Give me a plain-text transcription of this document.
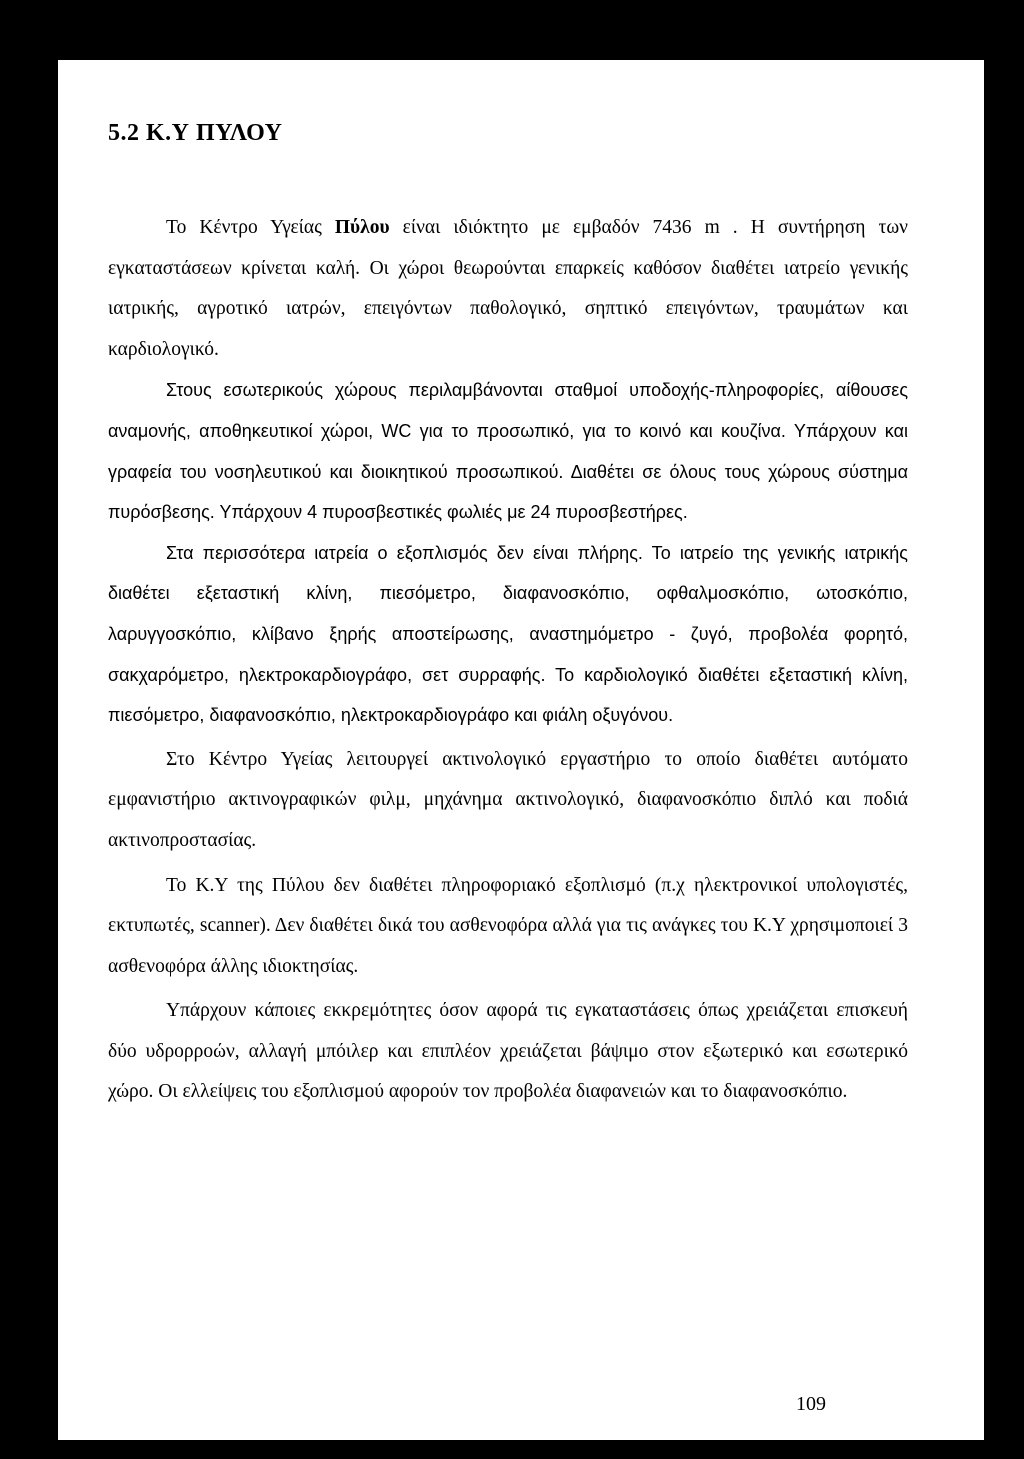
5.2 Κ.Υ ΠΥΛΟΥ

Το Κέντρο Υγείας Πύλου είναι ιδιόκτητο με εμβαδόν 7436 m . Η συντήρηση των εγκαταστάσεων κρίνεται καλή. Οι χώροι θεωρούνται επαρκείς καθόσον διαθέτει ιατρείο γενικής ιατρικής, αγροτικό ιατρών, επειγόντων παθολογικό, σηπτικό επειγόντων, τραυμάτων και καρδιολογικό.

Στους εσωτερικούς χώρους περιλαμβάνονται σταθμοί υποδοχής-πληροφορίες, αίθουσες αναμονής, αποθηκευτικοί χώροι, WC για το προσωπικό, για το κοινό και κουζίνα. Υπάρχουν και γραφεία του νοσηλευτικού και διοικητικού προσωπικού. Διαθέτει σε όλους τους χώρους σύστημα πυρόσβεσης. Υπάρχουν 4 πυροσβεστικές φωλιές με 24 πυροσβεστήρες.

Στα περισσότερα ιατρεία ο εξοπλισμός δεν είναι πλήρης. Το ιατρείο της γενικής ιατρικής διαθέτει εξεταστική κλίνη, πιεσόμετρο, διαφανοσκόπιο, οφθαλμοσκόπιο, ωτοσκόπιο, λαρυγγοσκόπιο, κλίβανο ξηρής αποστείρωσης, αναστημόμετρο - ζυγό, προβολέα φορητό, σακχαρόμετρο, ηλεκτροκαρδιογράφο, σετ συρραφής. Το καρδιολογικό διαθέτει εξεταστική κλίνη, πιεσόμετρο, διαφανοσκόπιο, ηλεκτροκαρδιογράφο και φιάλη οξυγόνου.

Στο Κέντρο Υγείας λειτουργεί ακτινολογικό εργαστήριο το οποίο διαθέτει αυτόματο εμφανιστήριο ακτινογραφικών φιλμ, μηχάνημα ακτινολογικό, διαφανοσκόπιο διπλό και ποδιά ακτινοπροστασίας.

Το Κ.Υ της Πύλου δεν διαθέτει πληροφοριακό εξοπλισμό (π.χ ηλεκτρονικοί υπολογιστές, εκτυπωτές, scanner). Δεν διαθέτει δικά του ασθενοφόρα αλλά για τις ανάγκες του Κ.Υ χρησιμοποιεί 3 ασθενοφόρα άλλης ιδιοκτησίας.

Υπάρχουν κάποιες εκκρεμότητες όσον αφορά τις εγκαταστάσεις όπως χρειάζεται επισκευή δύο υδρορροών, αλλαγή μπόιλερ και επιπλέον χρειάζεται βάψιμο στον εξωτερικό και εσωτερικό χώρο. Οι ελλείψεις του εξοπλισμού αφορούν τον προβολέα διαφανειών και το διαφανοσκόπιο.

109
